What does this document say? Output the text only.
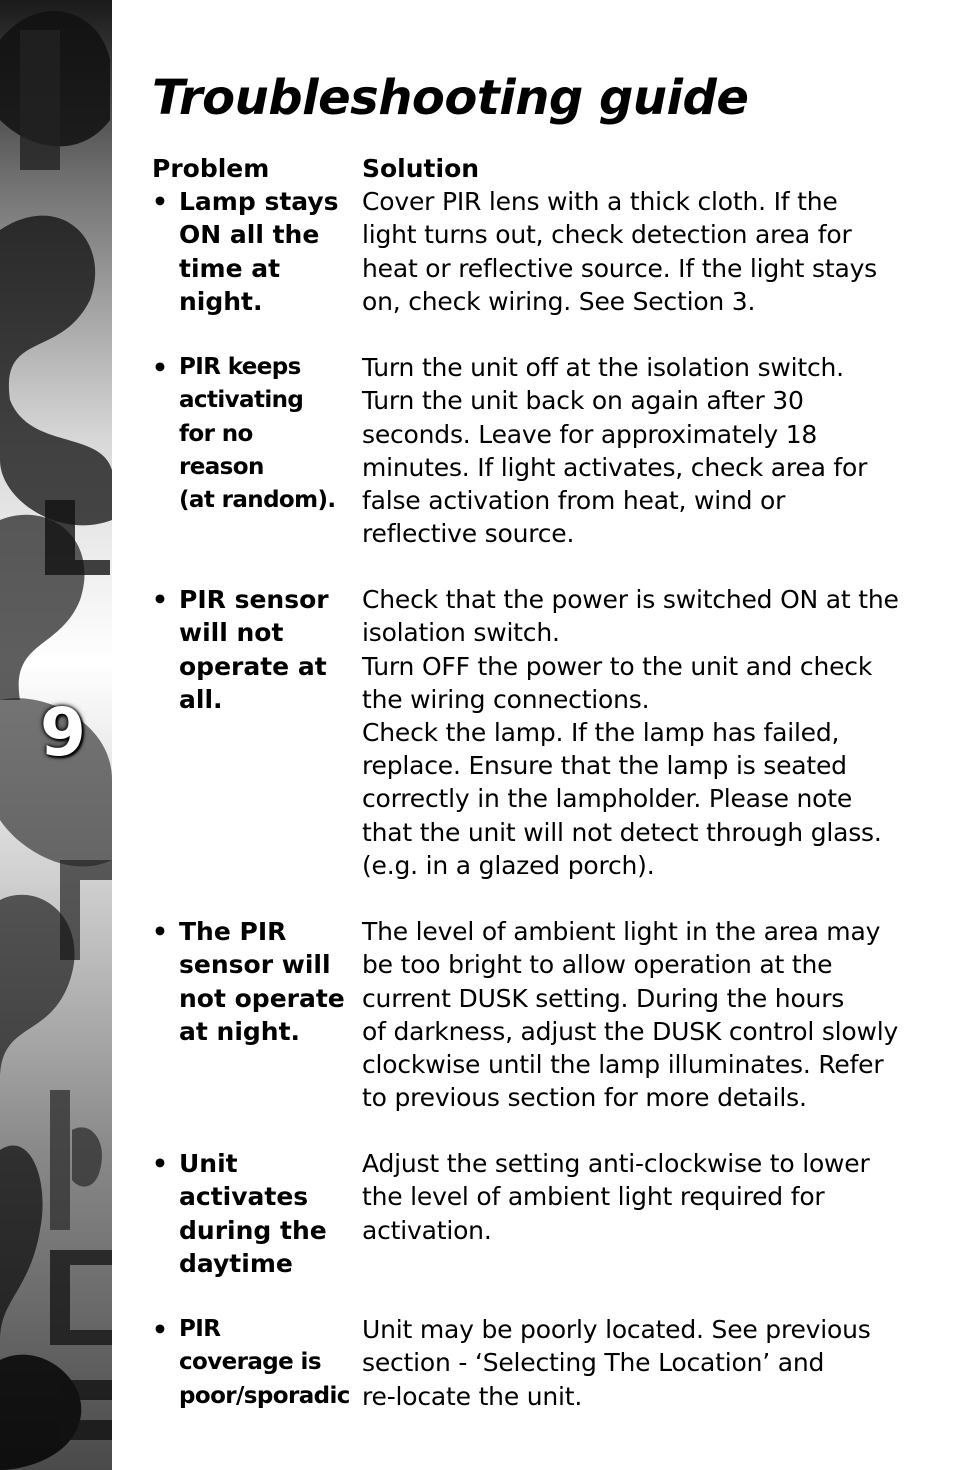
9
Troubleshooting guide
Problem	Solution
• Lamp stays
ON all the
time at
night.
Cover PIR lens with a thick cloth. If the
light turns out, check detection area for
heat or reflective source. If the light stays
on, check wiring. See Section 3.
• PIR keeps
activating
for no
reason
(at random).
Turn the unit off at the isolation switch.
Turn the unit back on again after 30
seconds. Leave for approximately 18
minutes. If light activates, check area for
false activation from heat, wind or
reflective source.
• PIR sensor
will not
operate at
all.
Check that the power is switched ON at the
isolation switch.
Turn OFF the power to the unit and check
the wiring connections.
Check the lamp. If the lamp has failed,
replace. Ensure that the lamp is seated
correctly in the lampholder. Please note
that the unit will not detect through glass.
(e.g. in a glazed porch).
• The PIR
sensor will
not operate
at night.
The level of ambient light in the area may
be too bright to allow operation at the
current DUSK setting. During the hours
of darkness, adjust the DUSK control slowly
clockwise until the lamp illuminates. Refer
to previous section for more details.
• Unit
activates
during the
daytime
Adjust the setting anti-clockwise to lower
the level of ambient light required for
activation.
• PIR
coverage is
poor/sporadic
Unit may be poorly located. See previous
section - ‘Selecting The Location’ and
re-locate the unit.
